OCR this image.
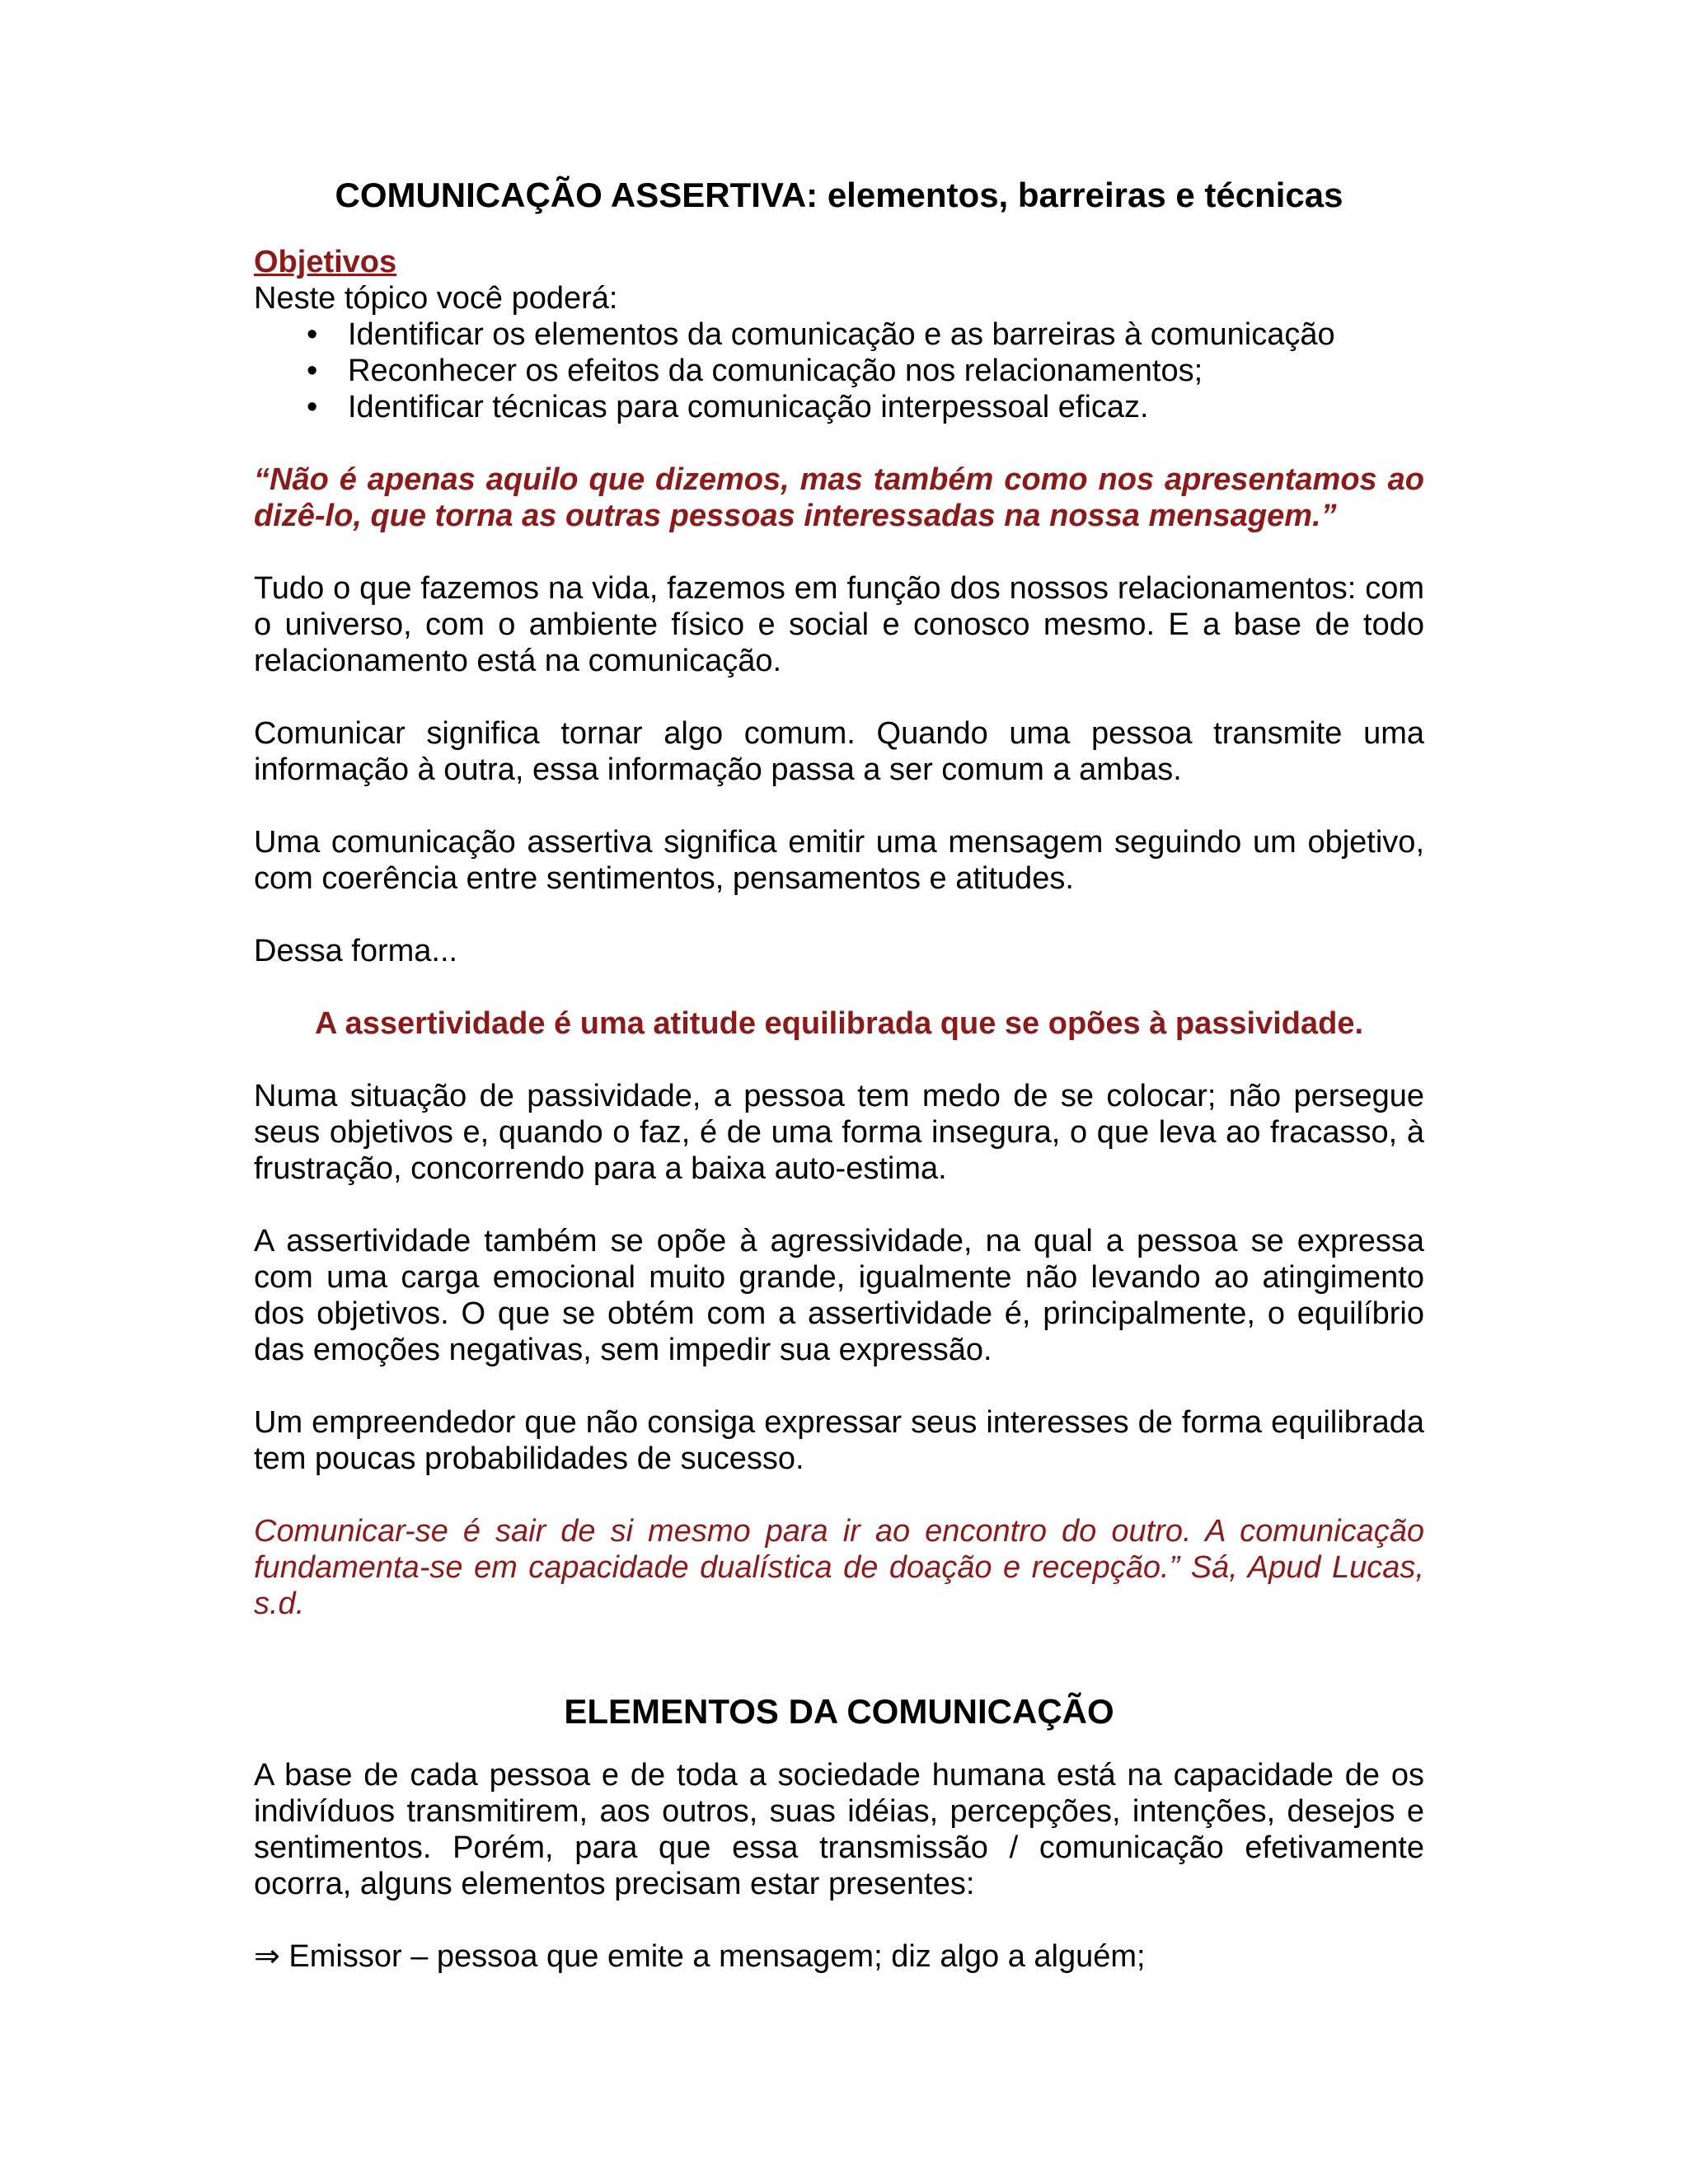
COMUNICAÇÃO ASSERTIVA: elementos, barreiras e técnicas

Objetivos

Neste tópico você poderá:

• Identificar os elementos da comunicação e as barreiras à comunicação
• Reconhecer os efeitos da comunicação nos relacionamentos;
• Identificar técnicas para comunicação interpessoal eficaz.

“Não é apenas aquilo que dizemos, mas também como nos apresentamos ao dizê-lo, que torna as outras pessoas interessadas na nossa mensagem.”

Tudo o que fazemos na vida, fazemos em função dos nossos relacionamentos: com o universo, com o ambiente físico e social e conosco mesmo. E a base de todo relacionamento está na comunicação.

Comunicar significa tornar algo comum. Quando uma pessoa transmite uma informação à outra, essa informação passa a ser comum a ambas.

Uma comunicação assertiva significa emitir uma mensagem seguindo um objetivo, com coerência entre sentimentos, pensamentos e atitudes.

Dessa forma...

A assertividade é uma atitude equilibrada que se opões à passividade.

Numa situação de passividade, a pessoa tem medo de se colocar; não persegue seus objetivos e, quando o faz, é de uma forma insegura, o que leva ao fracasso, à frustração, concorrendo para a baixa auto-estima.

A assertividade também se opõe à agressividade, na qual a pessoa se expressa com uma carga emocional muito grande, igualmente não levando ao atingimento dos objetivos. O que se obtém com a assertividade é, principalmente, o equilíbrio das emoções negativas, sem impedir sua expressão.

Um empreendedor que não consiga expressar seus interesses de forma equilibrada tem poucas probabilidades de sucesso.

Comunicar-se é sair de si mesmo para ir ao encontro do outro. A comunicação fundamenta-se em capacidade dualística de doação e recepção.” Sá, Apud Lucas, s.d.

ELEMENTOS DA COMUNICAÇÃO

A base de cada pessoa e de toda a sociedade humana está na capacidade de os indivíduos transmitirem, aos outros, suas idéias, percepções, intenções, desejos e sentimentos. Porém, para que essa transmissão / comunicação efetivamente ocorra, alguns elementos precisam estar presentes:

⇒ Emissor – pessoa que emite a mensagem; diz algo a alguém;
